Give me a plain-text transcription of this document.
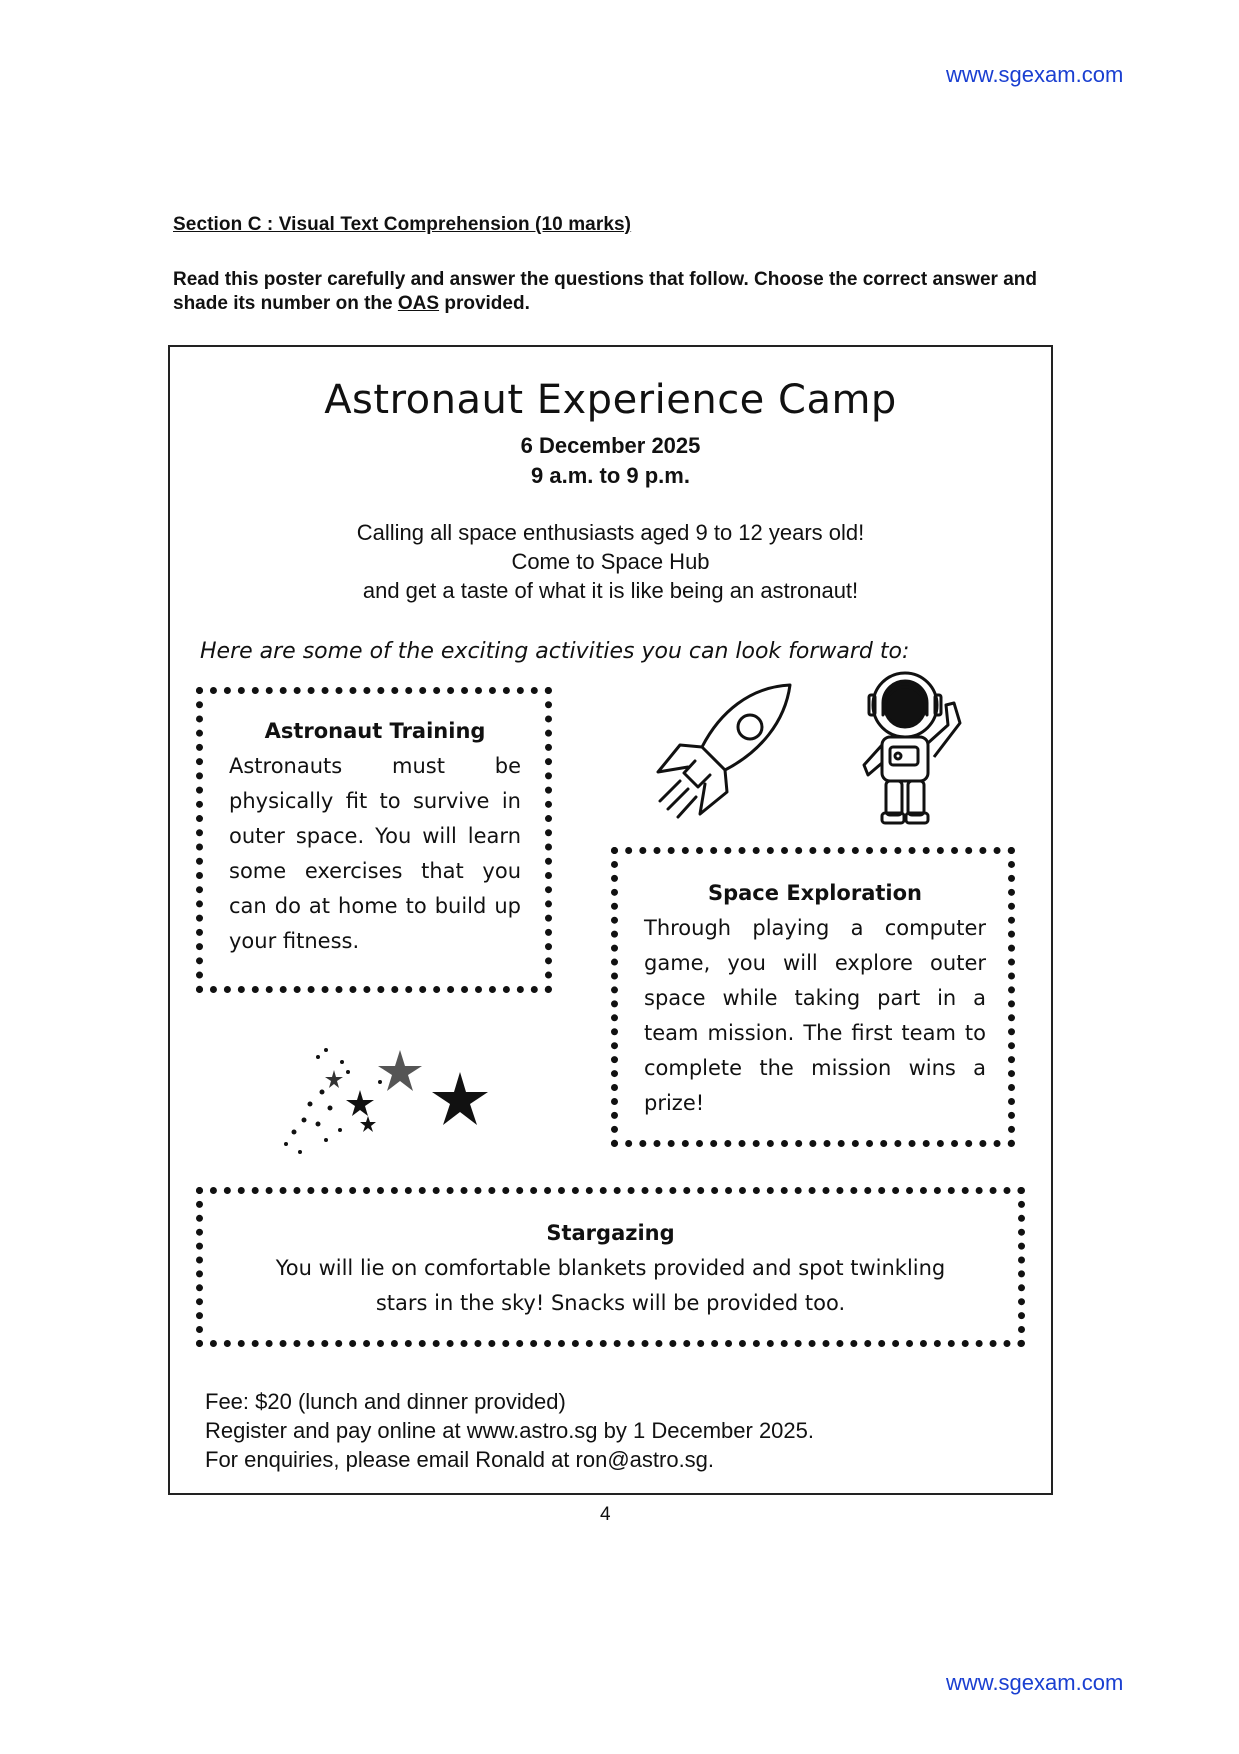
www.sgexam.com
Section C : Visual Text Comprehension (10 marks)
Read this poster carefully and answer the questions that follow. Choose the correct answer and shade its number on the OAS provided.
Astronaut Experience Camp
6 December 2025
9 a.m. to 9 p.m.
Calling all space enthusiasts aged 9 to 12 years old!
Come to Space Hub
and get a taste of what it is like being an astronaut!
Here are some of the exciting activities you can look forward to:
Astronaut Training
Astronauts must be physically fit to survive in outer space. You will learn some exercises that you can do at home to build up your fitness.
Space Exploration
Through playing a computer game, you will explore outer space while taking part in a team mission. The first team to complete the mission wins a prize!
Stargazing
You will lie on comfortable blankets provided and spot twinkling
stars in the sky! Snacks will be provided too.
Fee: $20 (lunch and dinner provided)
Register and pay online at www.astro.sg by 1 December 2025.
For enquiries, please email Ronald at ron@astro.sg.
4
www.sgexam.com
